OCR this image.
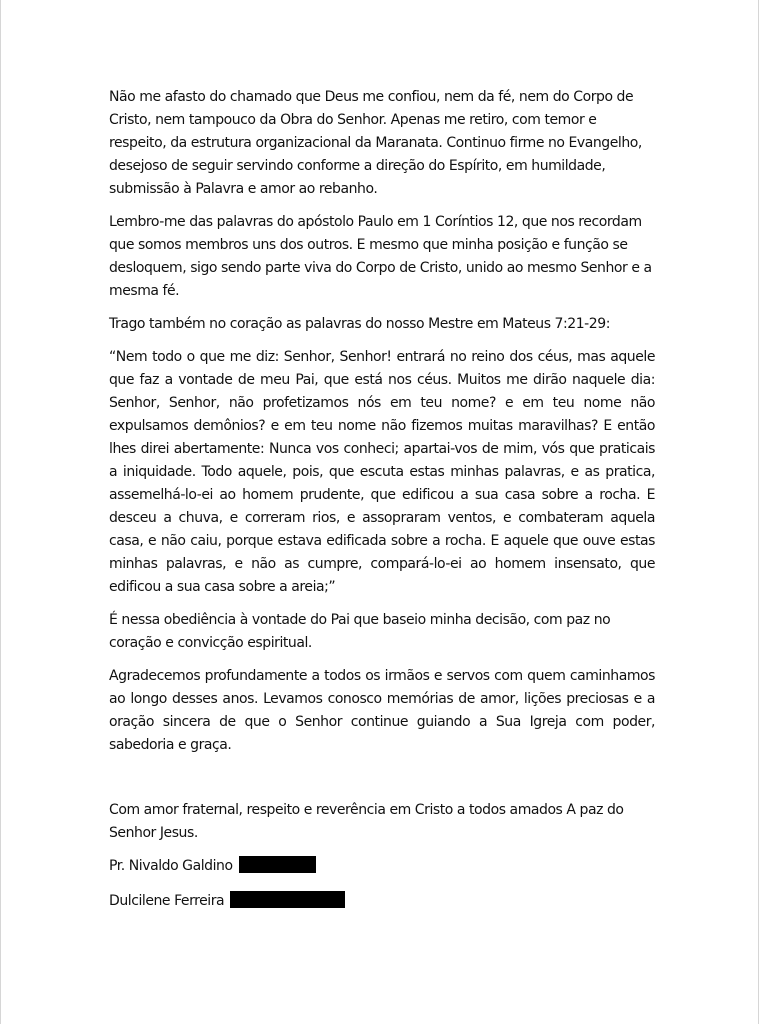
Não me afasto do chamado que Deus me confiou, nem da fé, nem do Corpo de Cristo, nem tampouco da Obra do Senhor. Apenas me retiro, com temor e respeito, da estrutura organizacional da Maranata. Continuo firme no Evangelho, desejoso de seguir servindo conforme a direção do Espírito, em humildade, submissão à Palavra e amor ao rebanho.

Lembro-me das palavras do apóstolo Paulo em 1 Coríntios 12, que nos recordam que somos membros uns dos outros. E mesmo que minha posição e função se desloquem, sigo sendo parte viva do Corpo de Cristo, unido ao mesmo Senhor e a mesma fé.

Trago também no coração as palavras do nosso Mestre em Mateus 7:21-29:

“Nem todo o que me diz: Senhor, Senhor! entrará no reino dos céus, mas aquele que faz a vontade de meu Pai, que está nos céus. Muitos me dirão naquele dia: Senhor, Senhor, não profetizamos nós em teu nome? e em teu nome não expulsamos demônios? e em teu nome não fizemos muitas maravilhas? E então lhes direi abertamente: Nunca vos conheci; apartai-vos de mim, vós que praticais a iniquidade. Todo aquele, pois, que escuta estas minhas palavras, e as pratica, assemelhá-lo-ei ao homem prudente, que edificou a sua casa sobre a rocha. E desceu a chuva, e correram rios, e assopraram ventos, e combateram aquela casa, e não caiu, porque estava edificada sobre a rocha. E aquele que ouve estas minhas palavras, e não as cumpre, compará-lo-ei ao homem insensato, que edificou a sua casa sobre a areia;”

É nessa obediência à vontade do Pai que baseio minha decisão, com paz no coração e convicção espiritual.

Agradecemos profundamente a todos os irmãos e servos com quem caminhamos ao longo desses anos. Levamos conosco memórias de amor, lições preciosas e a oração sincera de que o Senhor continue guiando a Sua Igreja com poder, sabedoria e graça.

Com amor fraternal, respeito e reverência em Cristo a todos amados A paz do Senhor Jesus.

Pr. Nivaldo Galdino
Dulcilene Ferreira
